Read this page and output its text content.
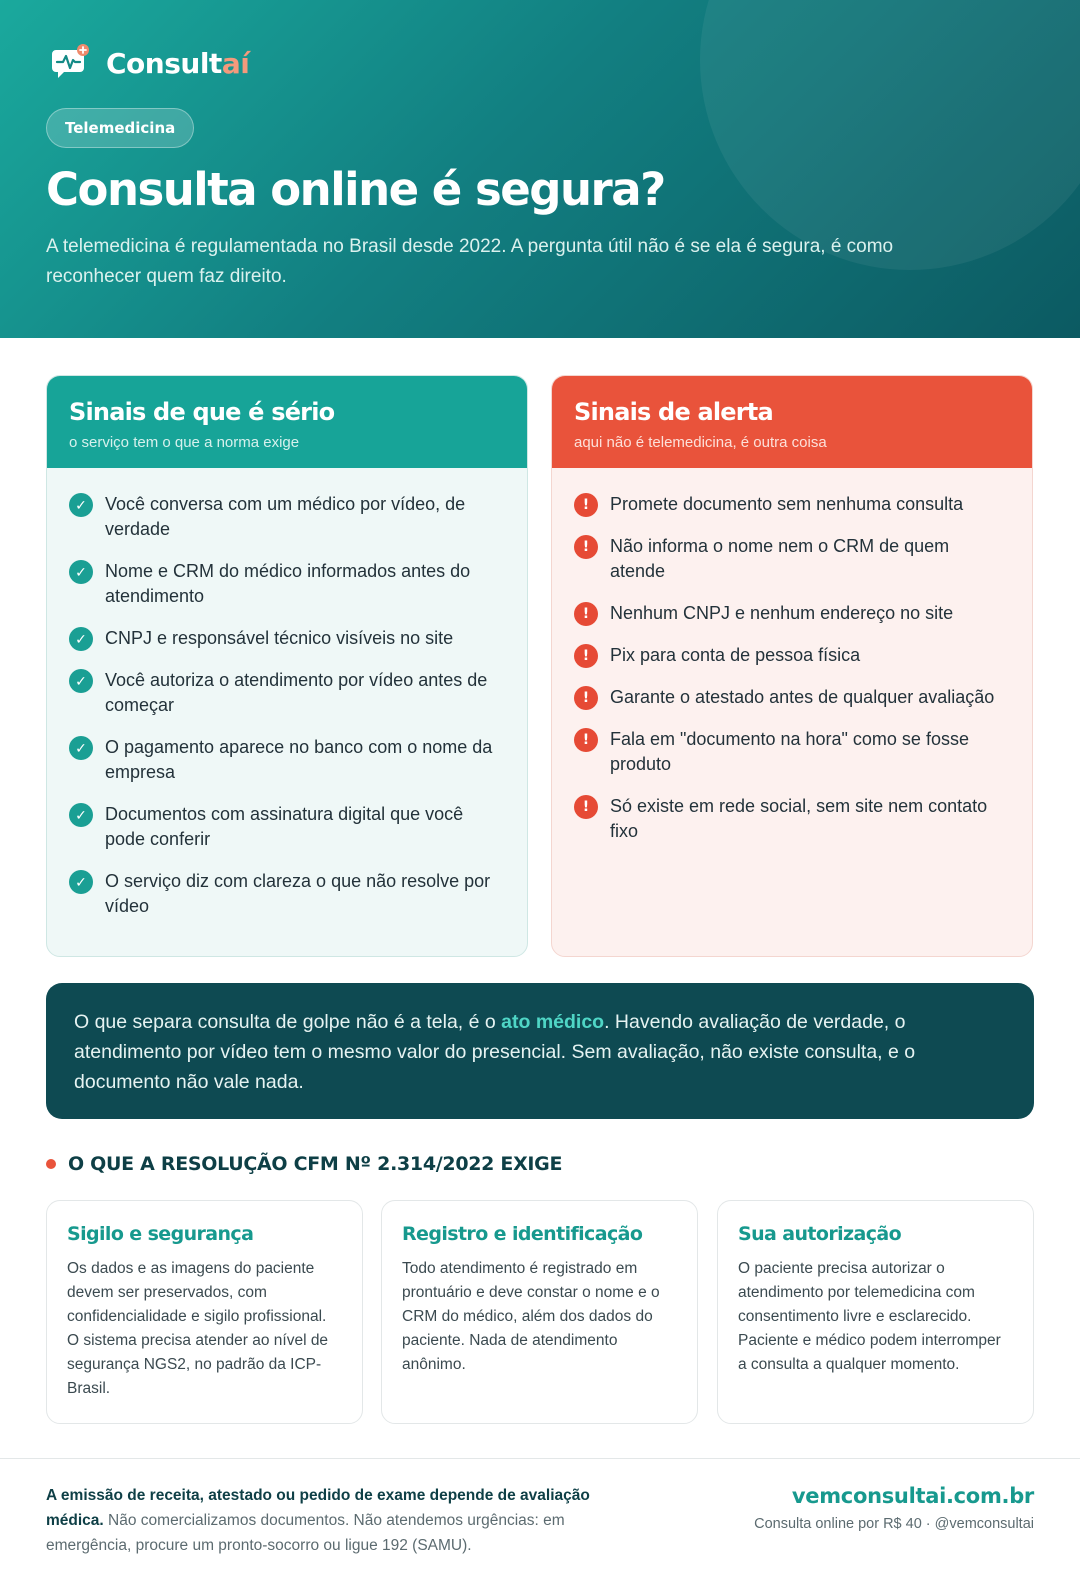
Consultaí
Telemedicina
Consulta online é segura?

A telemedicina é regulamentada no Brasil desde 2022. A pergunta útil não é se ela é segura, é como reconhecer quem faz direito.

Sinais de que é sério

o serviço tem o que a norma exige

✓	Você conversa com um médico por vídeo, de verdade
✓	Nome e CRM do médico informados antes do atendimento
✓	CNPJ e responsável técnico visíveis no site
✓	Você autoriza o atendimento por vídeo antes de começar
✓	O pagamento aparece no banco com o nome da empresa
✓	Documentos com assinatura digital que você pode conferir
✓	O serviço diz com clareza o que não resolve por vídeo
Sinais de alerta

aqui não é telemedicina, é outra coisa

!	Promete documento sem nenhuma consulta
!	Não informa o nome nem o CRM de quem atende
!	Nenhum CNPJ e nenhum endereço no site
!	Pix para conta de pessoa física
!	Garante o atestado antes de qualquer avaliação
!	Fala em "documento na hora" como se fosse produto
!	Só existe em rede social, sem site nem contato fixo
O que separa consulta de golpe não é a tela, é o ato médico. Havendo avaliação de verdade, o atendimento por vídeo tem o mesmo valor do presencial. Sem avaliação, não existe consulta, e o documento não vale nada.
O QUE A RESOLUÇÃO CFM Nº 2.314/2022 EXIGE
Sigilo e segurança

Os dados e as imagens do paciente devem ser preservados, com confidencialidade e sigilo profissional. O sistema precisa atender ao nível de segurança NGS2, no padrão da ICP-Brasil.

Registro e identificação

Todo atendimento é registrado em prontuário e deve constar o nome e o CRM do médico, além dos dados do paciente. Nada de atendimento anônimo.

Sua autorização

O paciente precisa autorizar o atendimento por telemedicina com consentimento livre e esclarecido. Paciente e médico podem interromper a consulta a qualquer momento.

A emissão de receita, atestado ou pedido de exame depende de avaliação médica. Não comercializamos documentos. Não atendemos urgências: em emergência, procure um pronto-socorro ou ligue 192 (SAMU).

vemconsultai.com.br
Consulta online por R$ 40 · @vemconsultai
